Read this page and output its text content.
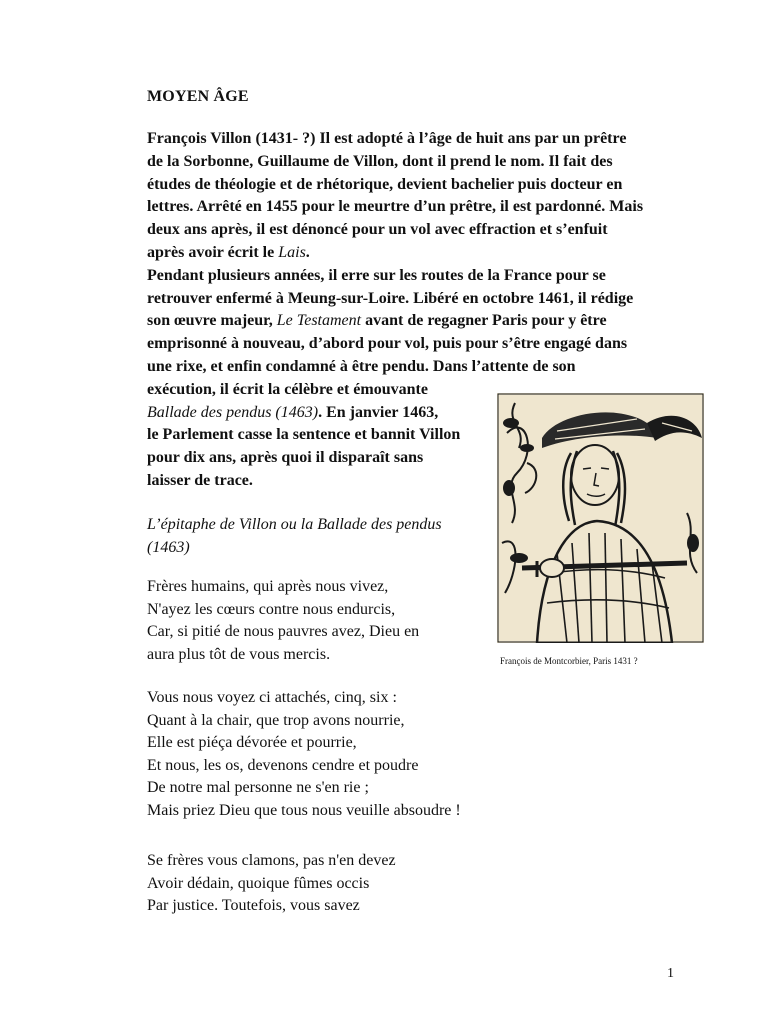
MOYEN ÂGE
François Villon (1431- ?) Il est adopté à l’âge de huit ans par un prêtre
de la Sorbonne, Guillaume de Villon, dont il prend le nom. Il fait des
études de théologie et de rhétorique, devient bachelier puis docteur en
lettres. Arrêté en 1455 pour le meurtre d’un prêtre, il est pardonné. Mais
deux ans après, il est dénoncé pour un vol avec effraction et s’enfuit
après avoir écrit le Lais.
Pendant plusieurs années, il erre sur les routes de la France pour se
retrouver enfermé à Meung-sur-Loire. Libéré en octobre 1461, il rédige
son œuvre majeur, Le Testament avant de regagner Paris pour y être
emprisonné à nouveau, d’abord pour vol, puis pour s’être engagé dans
une rixe, et enfin condamné à être pendu. Dans l’attente de son
exécution, il écrit la célèbre et émouvante
Ballade des pendus (1463). En janvier 1463,
le Parlement casse la sentence et bannit Villon
pour dix ans, après quoi il disparaît sans
laisser de trace.
L’épitaphe de Villon ou la Ballade des pendus
(1463)
Frères humains, qui après nous vivez,
N'ayez les cœurs contre nous endurcis,
Car, si pitié de nous pauvres avez, Dieu en
aura plus tôt de vous mercis.
Vous nous voyez ci attachés, cinq, six :
Quant à la chair, que trop avons nourrie,
Elle est piéça dévorée et pourrie,
Et nous, les os, devenons cendre et poudre
De notre mal personne ne s'en rie ;
Mais priez Dieu que tous nous veuille absoudre !
Se frères vous clamons, pas n'en devez
Avoir dédain, quoique fûmes occis
Par justice. Toutefois, vous savez

François de Montcorbier, Paris 1431 ?

1
